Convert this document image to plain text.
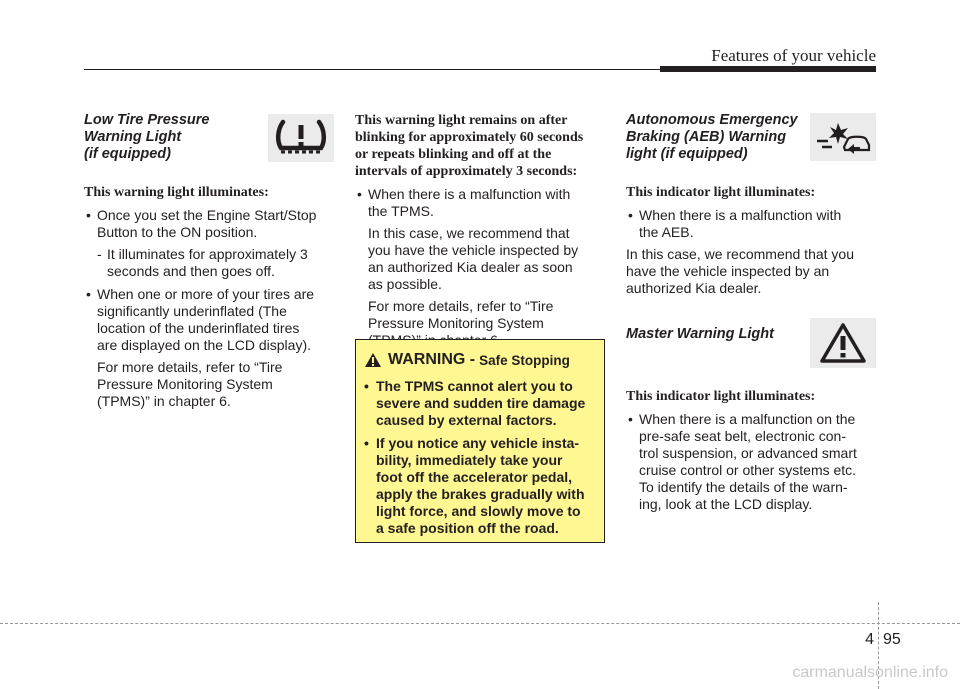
Features of your vehicle
Low Tire Pressure
Warning Light
(if equipped)

This warning light illuminates:

• Once you set the Engine Start/Stop
Button to the ON position.
- It illuminates for approximately 3
seconds and then goes off.
• When one or more of your tires are
significantly underinflated (The
location of the underinflated tires
are displayed on the LCD display).
For more details, refer to “Tire
Pressure Monitoring System
(TPMS)” in chapter 6.
This warning light remains on after
blinking for approximately 60 seconds
or repeats blinking and off at the
intervals of approximately 3 seconds:
• When there is a malfunction with
the TPMS.
In this case, we recommend that
you have the vehicle inspected by
an authorized Kia dealer as soon
as possible.
For more details, refer to “Tire
Pressure Monitoring System
WARNING - Safe Stopping
• The TPMS cannot alert you to
severe and sudden tire damage
caused by external factors.
• If you notice any vehicle insta-
bility, immediately take your
foot off the accelerator pedal,
apply the brakes gradually with
light force, and slowly move to
a safe position off the road.
Autonomous Emergency
Braking (AEB) Warning
light (if equipped)

This indicator light illuminates:

• When there is a malfunction with
the AEB.
In this case, we recommend that you
have the vehicle inspected by an
authorized Kia dealer.
Master Warning Light

This indicator light illuminates:

• When there is a malfunction on the
pre-safe seat belt, electronic con-
trol suspension, or advanced smart
cruise control or other systems etc.
To identify the details of the warn-
ing, look at the LCD display.
4 95
carmanualsonline.info
